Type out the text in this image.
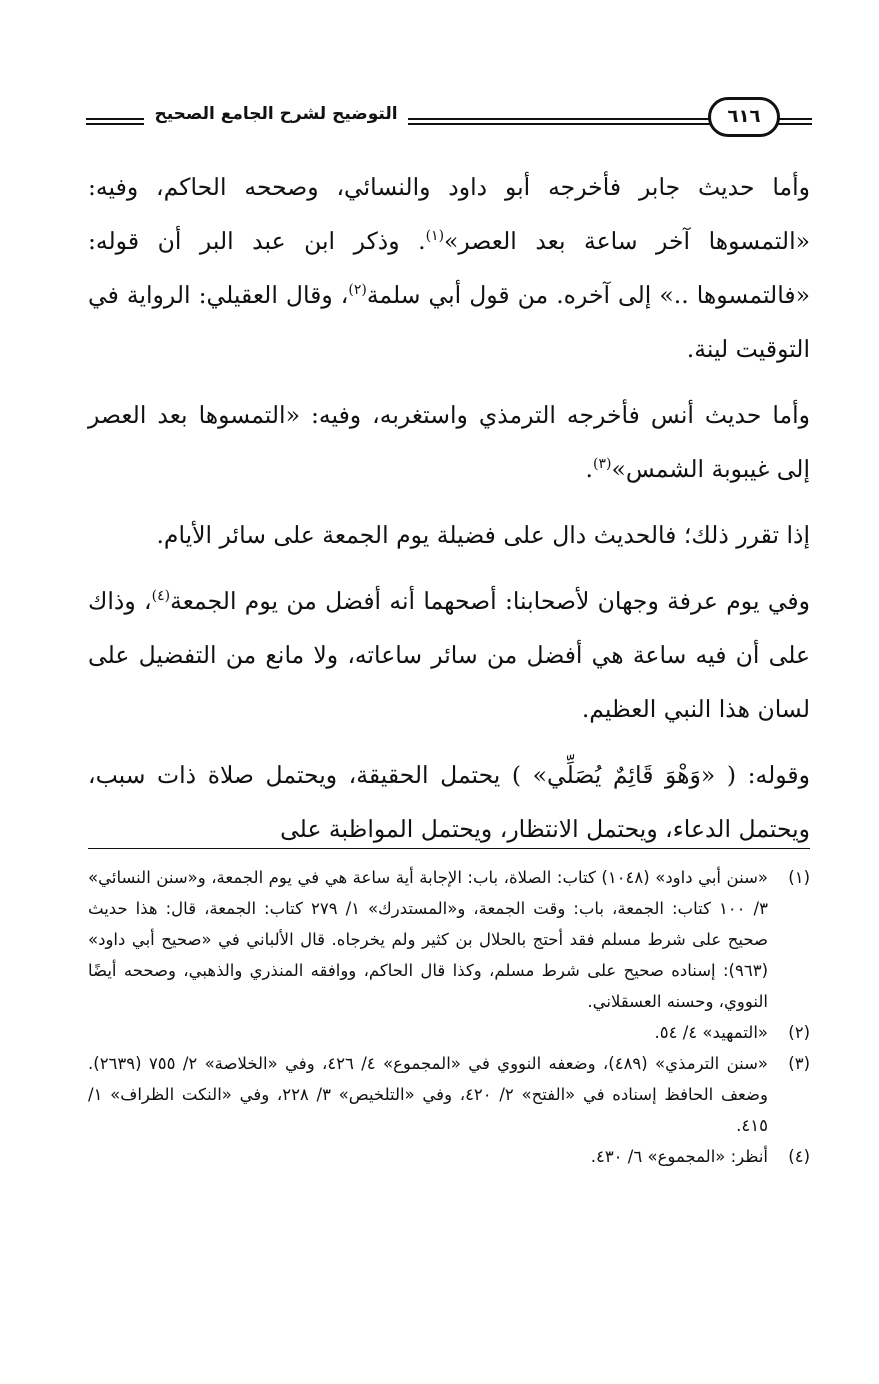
التوضيح لشرح الجامع الصحيح	٦١٦

وأما حديث جابر فأخرجه أبو داود والنسائي، وصححه الحاكم، وفيه: «التمسوها آخر ساعة بعد العصر»$^{(١)}$. وذكر ابن عبد البر أن قوله: «فالتمسوها ..» إلى آخره. من قول أبي سلمة$^{(٢)}$، وقال العقيلي: الرواية في التوقيت لينة.

وأما حديث أنس فأخرجه الترمذي واستغربه، وفيه: «التمسوها بعد العصر إلى غيبوبة الشمس»$^{(٣)}$.

إذا تقرر ذلك؛ فالحديث دال على فضيلة يوم الجمعة على سائر الأيام.

وفي يوم عرفة وجهان لأصحابنا: أصحهما أنه أفضل من يوم الجمعة$^{(٤)}$، وذاك على أن فيه ساعة هي أفضل من سائر ساعاته، ولا مانع من التفضيل على لسان هذا النبي العظيم.

وقوله: ( «وَهْوَ قَائِمٌ يُصَلِّي» ) يحتمل الحقيقة، ويحتمل صلاة ذات سبب، ويحتمل الدعاء، ويحتمل الانتظار، ويحتمل المواظبة على

(١)
«سنن أبي داود» (١٠٤٨) كتاب: الصلاة، باب: الإجابة أية ساعة هي في يوم الجمعة، و«سنن النسائي» ٣/ ١٠٠ كتاب: الجمعة، باب: وقت الجمعة، و«المستدرك» ١/ ٢٧٩ كتاب: الجمعة، قال: هذا حديث صحيح على شرط مسلم فقد أحتج بالحلال بن كثير ولم يخرجاه. قال الألباني في «صحيح أبي داود» (٩٦٣): إسناده صحيح على شرط مسلم، وكذا قال الحاكم، ووافقه المنذري والذهبي، وصححه أيضًا النووي، وحسنه العسقلاني.

(٢)
«التمهيد» ٤/ ٥٤.

(٣)
«سنن الترمذي» (٤٨٩)، وضعفه النووي في «المجموع» ٤/ ٤٢٦، وفي «الخلاصة» ٢/ ٧٥٥ (٢٦٣٩). وضعف الحافظ إسناده في «الفتح» ٢/ ٤٢٠، وفي «التلخيص» ٣/ ٢٢٨، وفي «النكت الظراف» ١/ ٤١٥.

(٤)
أنظر: «المجموع» ٦/ ٤٣٠.
